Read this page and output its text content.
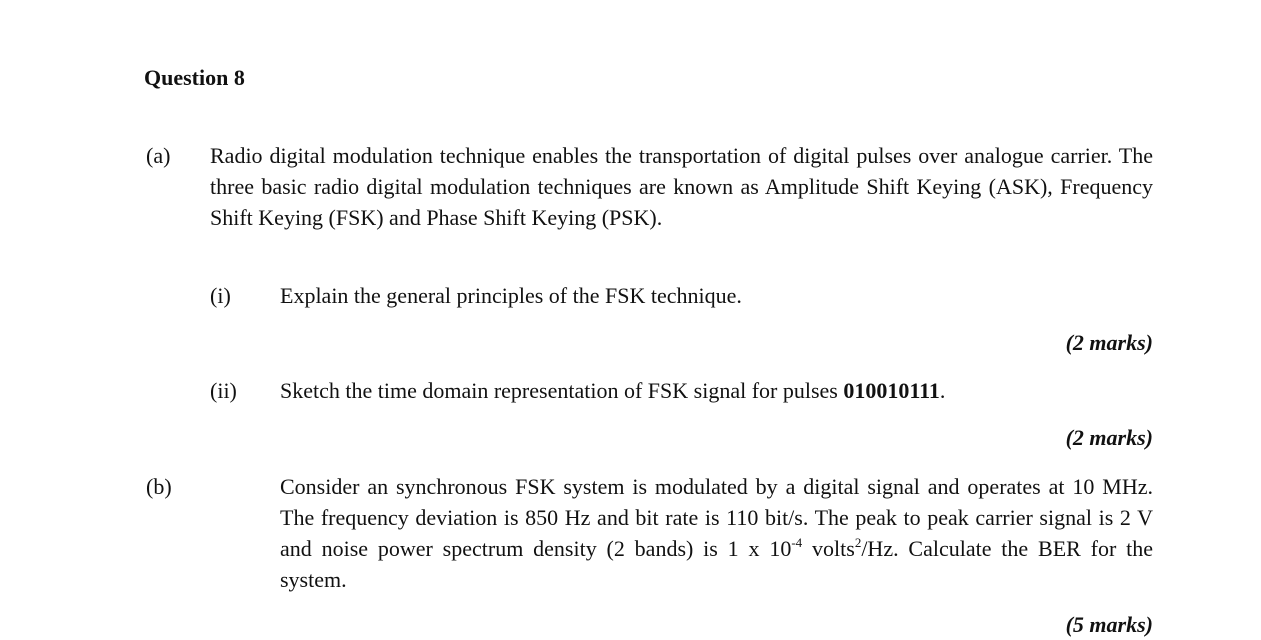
Question 8
(a) Radio digital modulation technique enables the transportation of digital pulses over analogue carrier. The three basic radio digital modulation techniques are known as Amplitude Shift Keying (ASK), Frequency Shift Keying (FSK) and Phase Shift Keying (PSK).
(i) Explain the general principles of the FSK technique.
(2 marks)
(ii) Sketch the time domain representation of FSK signal for pulses 010010111.
(2 marks)
(b)	Consider an synchronous FSK system is modulated by a digital signal and operates at 10 MHz. The frequency deviation is 850 Hz and bit rate is 110 bit/s. The peak to peak carrier signal is 2 V and noise power spectrum density (2 bands) is 1 x $10^{-4}$ volts$^2$/Hz. Calculate the BER for the system.
(5 marks)
